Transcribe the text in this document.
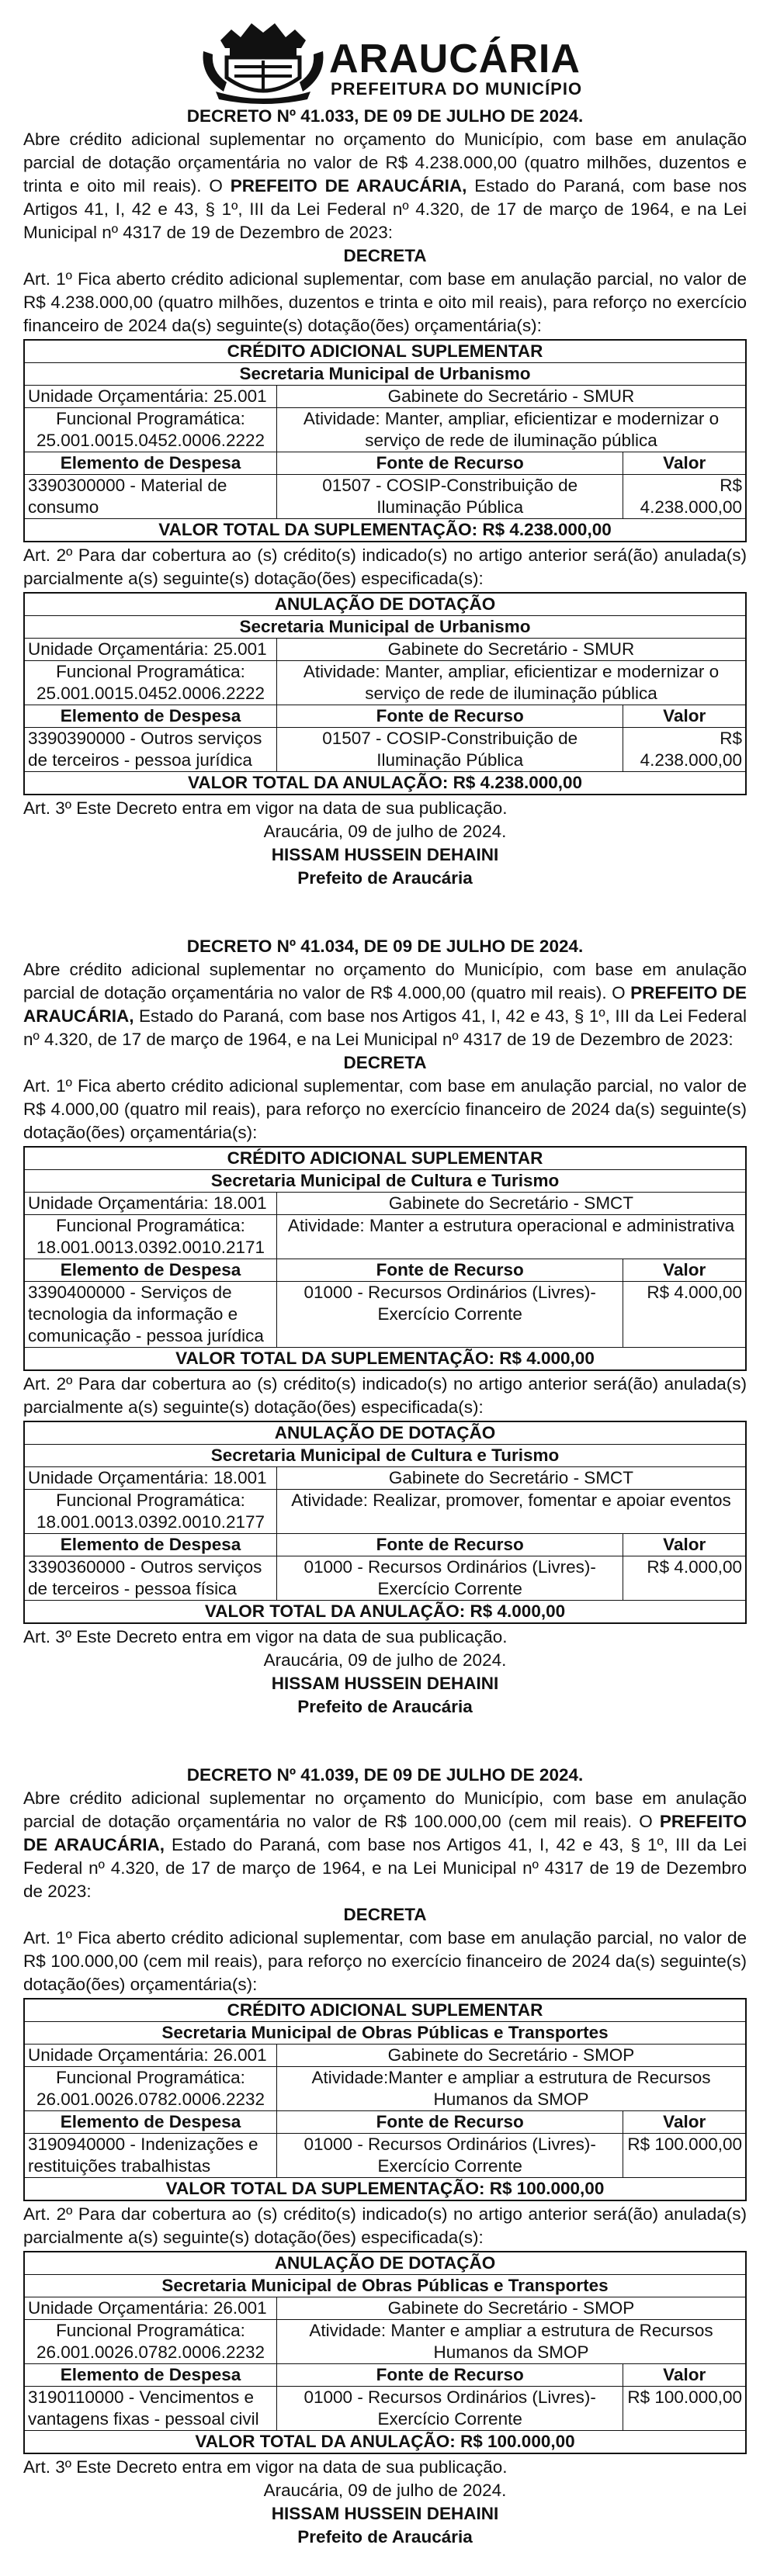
ARAUCÁRIA
PREFEITURA DO MUNICÍPIO
DECRETO Nº 41.033, DE 09 DE JULHO DE 2024.
Abre crédito adicional suplementar no orçamento do Município, com base em anulação parcial de dotação orçamentária no valor de R$ 4.238.000,00 (quatro milhões, duzentos e trinta e oito mil reais). O PREFEITO DE ARAUCÁRIA, Estado do Paraná, com base nos Artigos 41, I, 42 e 43, § 1º, III da Lei Federal nº 4.320, de 17 de março de 1964, e na Lei Municipal nº 4317 de 19 de Dezembro de 2023:
DECRETA
Art. 1º Fica aberto crédito adicional suplementar, com base em anulação parcial, no valor de R$ 4.238.000,00 (quatro milhões, duzentos e trinta e oito mil reais), para reforço no exercício financeiro de 2024 da(s) seguinte(s) dotação(ões) orçamentária(s):
CRÉDITO ADICIONAL SUPLEMENTAR		
Secretaria Municipal de Urbanismo		
Unidade Orçamentária: 25.001	Gabinete do Secretário - SMUR	
Funcional Programática: 25.001.0015.0452.0006.2222	Atividade: Manter, ampliar, eficientizar e modernizar o serviço de rede de iluminação pública	
Elemento de Despesa	Fonte de Recurso	Valor
3390300000 - Material de consumo	01507 - COSIP-Constribuição de Iluminação Pública	R$ 4.238.000,00
VALOR TOTAL DA SUPLEMENTAÇÃO: R$ 4.238.000,00		
Art. 2º Para dar cobertura ao (s) crédito(s) indicado(s) no artigo anterior será(ão) anulada(s) parcialmente a(s) seguinte(s) dotação(ões) especificada(s):
ANULAÇÃO DE DOTAÇÃO		
Secretaria Municipal de Urbanismo		
Unidade Orçamentária: 25.001	Gabinete do Secretário - SMUR	
Funcional Programática: 25.001.0015.0452.0006.2222	Atividade: Manter, ampliar, eficientizar e modernizar o serviço de rede de iluminação pública	
Elemento de Despesa	Fonte de Recurso	Valor
3390390000 - Outros serviços de terceiros - pessoa jurídica	01507 - COSIP-Constribuição de Iluminação Pública	R$ 4.238.000,00
VALOR TOTAL DA ANULAÇÃO: R$ 4.238.000,00		
Art. 3º Este Decreto entra em vigor na data de sua publicação.
Araucária, 09 de julho de 2024.
HISSAM HUSSEIN DEHAINI
Prefeito de Araucária
DECRETO Nº 41.034, DE 09 DE JULHO DE 2024.
Abre crédito adicional suplementar no orçamento do Município, com base em anulação parcial de dotação orçamentária no valor de R$ 4.000,00 (quatro mil reais). O PREFEITO DE ARAUCÁRIA, Estado do Paraná, com base nos Artigos 41, I, 42 e 43, § 1º, III da Lei Federal nº 4.320, de 17 de março de 1964, e na Lei Municipal nº 4317 de 19 de Dezembro de 2023:
DECRETA
Art. 1º Fica aberto crédito adicional suplementar, com base em anulação parcial, no valor de R$ 4.000,00 (quatro mil reais), para reforço no exercício financeiro de 2024 da(s) seguinte(s) dotação(ões) orçamentária(s):
CRÉDITO ADICIONAL SUPLEMENTAR		
Secretaria Municipal de Cultura e Turismo		
Unidade Orçamentária: 18.001	Gabinete do Secretário - SMCT	
Funcional Programática: 18.001.0013.0392.0010.2171	Atividade: Manter a estrutura operacional e administrativa	
Elemento de Despesa	Fonte de Recurso	Valor
3390400000 - Serviços de tecnologia da informação e comunicação - pessoa jurídica	01000 - Recursos Ordinários (Livres)- Exercício Corrente	R$ 4.000,00
VALOR TOTAL DA SUPLEMENTAÇÃO: R$ 4.000,00		
Art. 2º Para dar cobertura ao (s) crédito(s) indicado(s) no artigo anterior será(ão) anulada(s) parcialmente a(s) seguinte(s) dotação(ões) especificada(s):
ANULAÇÃO DE DOTAÇÃO		
Secretaria Municipal de Cultura e Turismo		
Unidade Orçamentária: 18.001	Gabinete do Secretário - SMCT	
Funcional Programática: 18.001.0013.0392.0010.2177	Atividade: Realizar, promover, fomentar e apoiar eventos	
Elemento de Despesa	Fonte de Recurso	Valor
3390360000 - Outros serviços de terceiros - pessoa física	01000 - Recursos Ordinários (Livres)- Exercício Corrente	R$ 4.000,00
VALOR TOTAL DA ANULAÇÃO: R$ 4.000,00		
Art. 3º Este Decreto entra em vigor na data de sua publicação.
Araucária, 09 de julho de 2024.
HISSAM HUSSEIN DEHAINI
Prefeito de Araucária
DECRETO Nº 41.039, DE 09 DE JULHO DE 2024.
Abre crédito adicional suplementar no orçamento do Município, com base em anulação parcial de dotação orçamentária no valor de R$ 100.000,00 (cem mil reais). O PREFEITO DE ARAUCÁRIA, Estado do Paraná, com base nos Artigos 41, I, 42 e 43, § 1º, III da Lei Federal nº 4.320, de 17 de março de 1964, e na Lei Municipal nº 4317 de 19 de Dezembro de 2023:
DECRETA
Art. 1º Fica aberto crédito adicional suplementar, com base em anulação parcial, no valor de R$ 100.000,00 (cem mil reais), para reforço no exercício financeiro de 2024 da(s) seguinte(s) dotação(ões) orçamentária(s):
CRÉDITO ADICIONAL SUPLEMENTAR		
Secretaria Municipal de Obras Públicas e Transportes		
Unidade Orçamentária: 26.001	Gabinete do Secretário - SMOP	
Funcional Programática: 26.001.0026.0782.0006.2232	Atividade:Manter e ampliar a estrutura de Recursos Humanos da SMOP	
Elemento de Despesa	Fonte de Recurso	Valor
3190940000 - Indenizações e restituições trabalhistas	01000 - Recursos Ordinários (Livres)- Exercício Corrente	R$ 100.000,00
VALOR TOTAL DA SUPLEMENTAÇÃO: R$ 100.000,00		
Art. 2º Para dar cobertura ao (s) crédito(s) indicado(s) no artigo anterior será(ão) anulada(s) parcialmente a(s) seguinte(s) dotação(ões) especificada(s):
ANULAÇÃO DE DOTAÇÃO		
Secretaria Municipal de Obras Públicas e Transportes		
Unidade Orçamentária: 26.001	Gabinete do Secretário - SMOP	
Funcional Programática: 26.001.0026.0782.0006.2232	Atividade: Manter e ampliar a estrutura de Recursos Humanos da SMOP	
Elemento de Despesa	Fonte de Recurso	Valor
3190110000 - Vencimentos e vantagens fixas - pessoal civil	01000 - Recursos Ordinários (Livres)- Exercício Corrente	R$ 100.000,00
VALOR TOTAL DA ANULAÇÃO: R$ 100.000,00		
Art. 3º Este Decreto entra em vigor na data de sua publicação.
Araucária, 09 de julho de 2024.
HISSAM HUSSEIN DEHAINI
Prefeito de Araucária
